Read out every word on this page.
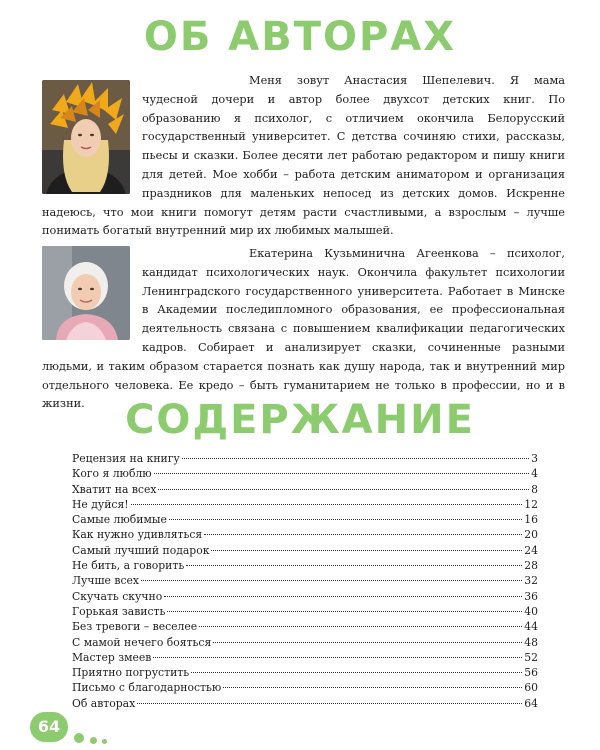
ОБ АВТОРАХ

Меня зовут Анастасия Шепелевич. Я мама чудесной дочери и автор более двухсот детских книг. По образованию я психолог, с отличием окончила Белорусский государственный университет. С детства сочиняю стихи, рассказы, пьесы и сказки. Более десяти лет работаю редактором и пишу книги для детей. Мое хобби – работа детским аниматором и организация праздников для маленьких непосед из детских домов. Искренне надеюсь, что мои книги помогут детям расти счастливыми, а взрослым – лучше понимать богатый внутренний мир их любимых малышей.

Екатерина Кузьминична Агеенкова – психолог, кандидат психологических наук. Окончила факультет психологии Ленинградского государственного университета. Работает в Минске в Академии последипломного образования, ее профессиональная деятельность связана с повышением квалификации педагогических кадров. Собирает и анализирует сказки, сочиненные разными людьми, и таким образом старается познать как душу народа, так и внутренний мир отдельного человека. Ее кредо – быть гуманитарием не только в профессии, но и в жизни.	СОДЕРЖАНИЕ
Рецензия на книгу	3
Кого я люблю	4
Хватит на всех	8
Не дуйся!	12
Самые любимые	16
Как нужно удивляться	20
Самый лучший подарок	24
Не бить, а говорить	28
Лучше всех	32
Скучать скучно	36
Горькая зависть	40
Без тревоги – веселее	44
С мамой нечего бояться	48
Мастер змеев	52
Приятно погрустить	56
Письмо с благодарностью	60
Об авторах	64
64
